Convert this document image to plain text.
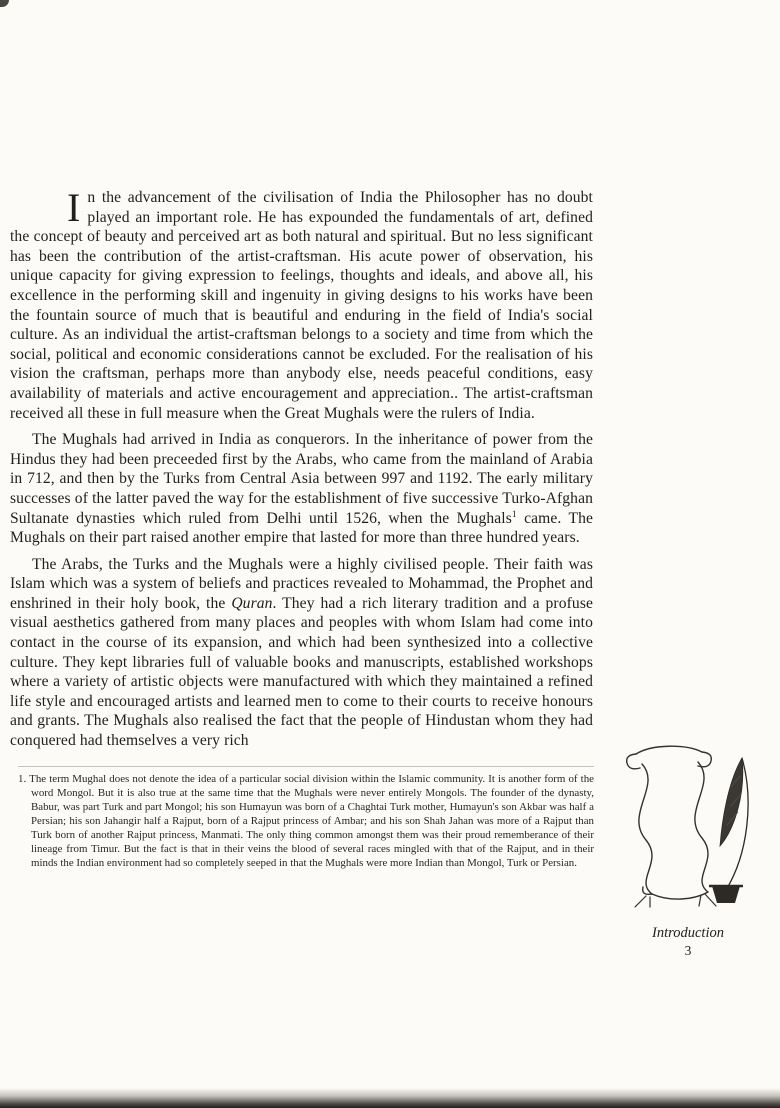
In the advancement of the civilisation of India the Philosopher has no doubt played an important role. He has expounded the fundamentals of art, defined the concept of beauty and perceived art as both natural and spiritual. But no less significant has been the contribution of the artist-craftsman. His acute power of observation, his unique capacity for giving expression to feelings, thoughts and ideals, and above all, his excellence in the performing skill and ingenuity in giving designs to his works have been the fountain source of much that is beautiful and enduring in the field of India's social culture. As an individual the artist-craftsman belongs to a society and time from which the social, political and economic considerations cannot be excluded. For the realisation of his vision the craftsman, perhaps more than anybody else, needs peaceful conditions, easy availability of materials and active encouragement and appreciation.. The artist-craftsman received all these in full measure when the Great Mughals were the rulers of India.

The Mughals had arrived in India as conquerors. In the inheritance of power from the Hindus they had been preceeded first by the Arabs, who came from the mainland of Arabia in 712, and then by the Turks from Central Asia between 997 and 1192. The early military successes of the latter paved the way for the establishment of five successive Turko-Afghan Sultanate dynasties which ruled from Delhi until 1526, when the Mughals$^1$ came. The Mughals on their part raised another empire that lasted for more than three hundred years.

The Arabs, the Turks and the Mughals were a highly civilised people. Their faith was Islam which was a system of beliefs and practices revealed to Mohammad, the Prophet and enshrined in their holy book, the Quran. They had a rich literary tradition and a profuse visual aesthetics gathered from many places and peoples with whom Islam had come into contact in the course of its expansion, and which had been synthesized into a collective culture. They kept libraries full of valuable books and manuscripts, established workshops where a variety of artistic objects were manufactured with which they maintained a refined life style and encouraged artists and learned men to come to their courts to receive honours and grants. The Mughals also realised the fact that the people of Hindustan whom they had conquered had themselves a very rich

1. The term Mughal does not denote the idea of a particular social division within the Islamic community. It is another form of the word Mongol. But it is also true at the same time that the Mughals were never entirely Mongols. The founder of the dynasty, Babur, was part Turk and part Mongol; his son Humayun was born of a Chaghtai Turk mother, Humayun's son Akbar was half a Persian; his son Jahangir half a Rajput, born of a Rajput princess of Ambar; and his son Shah Jahan was more of a Rajput than Turk born of another Rajput princess, Manmati. The only thing common amongst them was their proud rememberance of their lineage from Timur. But the fact is that in their veins the blood of several races mingled with that of the Rajput, and in their minds the Indian environment had so completely seeped in that the Mughals were more Indian than Mongol, Turk or Persian.

Introduction
3
